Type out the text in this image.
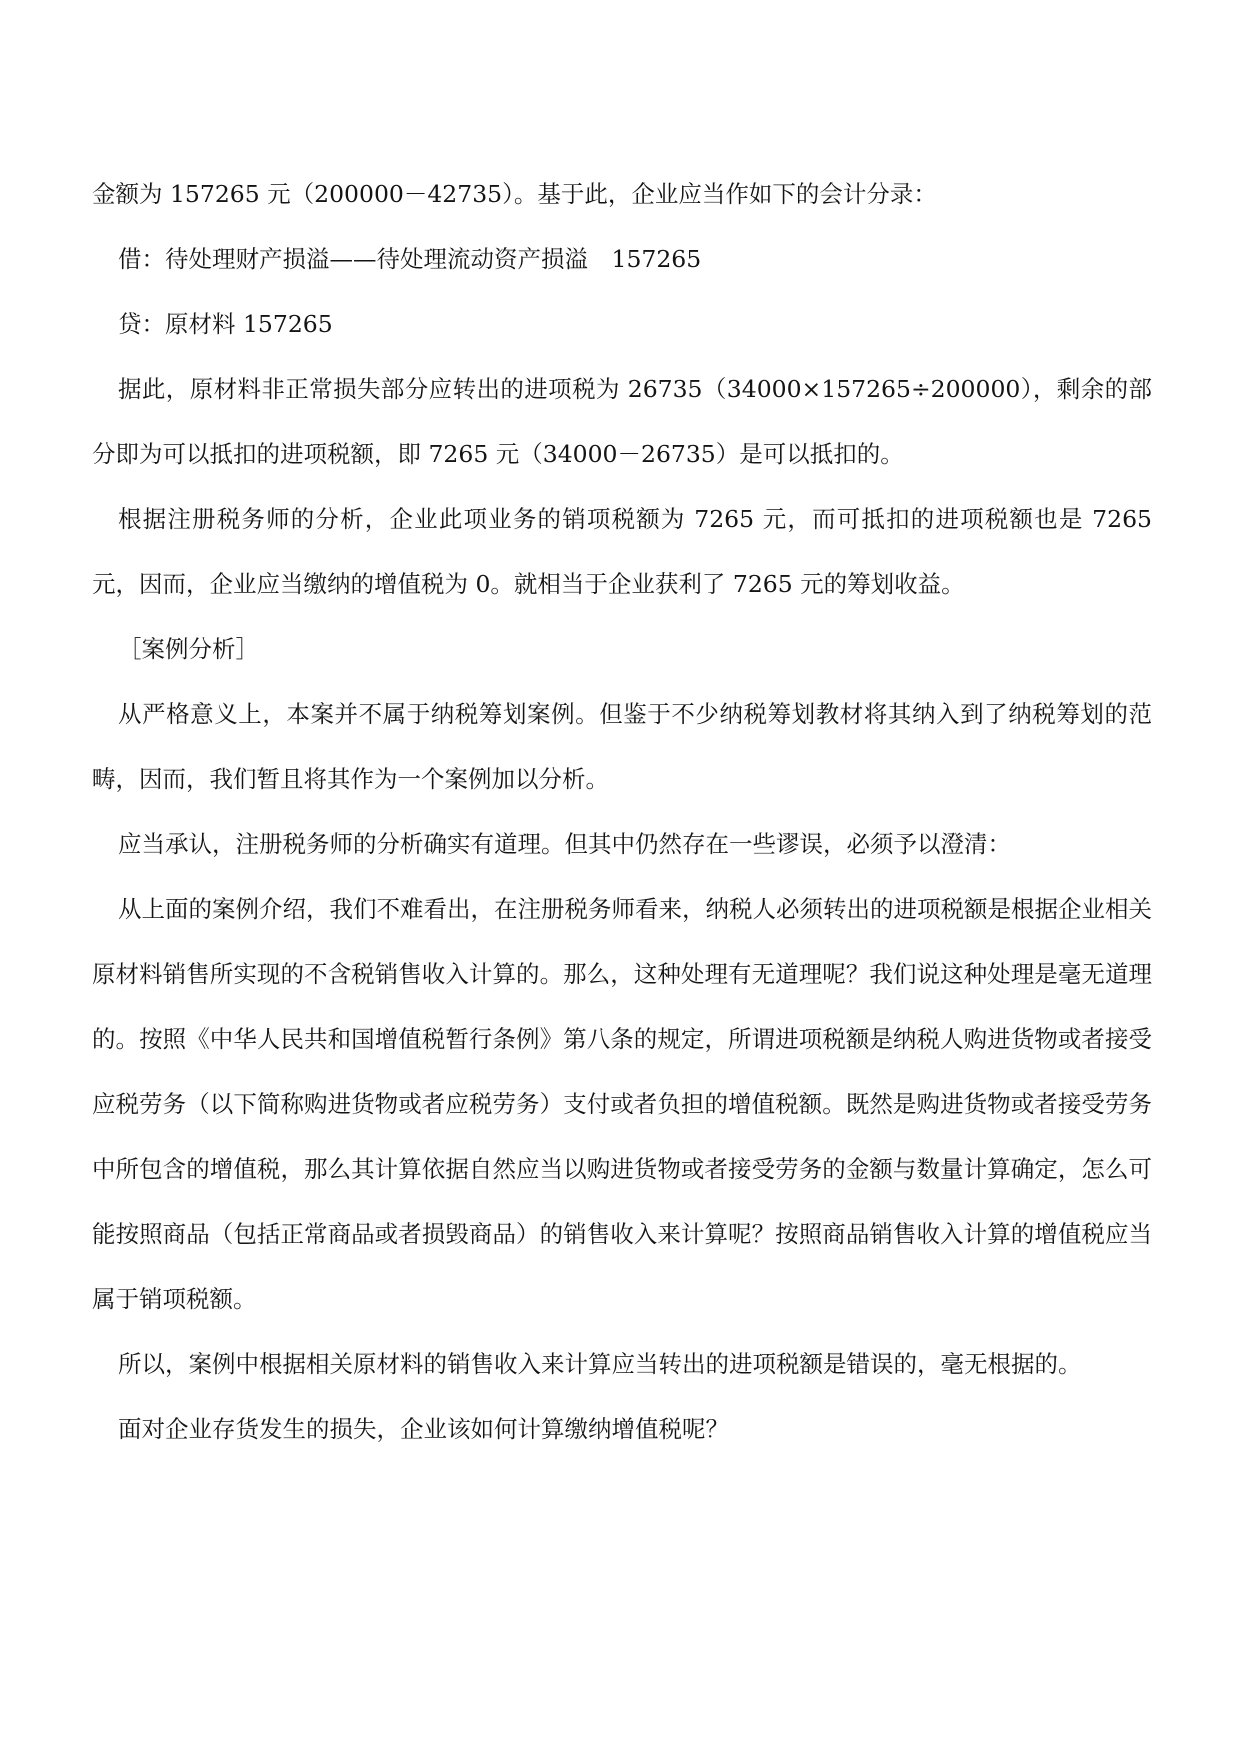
金额为 157265 元（200000－42735）。基于此，企业应当作如下的会计分录：

借：待处理财产损溢——待处理流动资产损溢　157265

贷：原材料 157265

据此，原材料非正常损失部分应转出的进项税为 26735（34000×157265÷200000），剩余的部分即为可以抵扣的进项税额，即 7265 元（34000－26735）是可以抵扣的。

根据注册税务师的分析，企业此项业务的销项税额为 7265 元，而可抵扣的进项税额也是 7265 元，因而，企业应当缴纳的增值税为 0。就相当于企业获利了 7265 元的筹划收益。

［案例分析］

从严格意义上，本案并不属于纳税筹划案例。但鉴于不少纳税筹划教材将其纳入到了纳税筹划的范畴，因而，我们暂且将其作为一个案例加以分析。

应当承认，注册税务师的分析确实有道理。但其中仍然存在一些谬误，必须予以澄清：

从上面的案例介绍，我们不难看出，在注册税务师看来，纳税人必须转出的进项税额是根据企业相关原材料销售所实现的不含税销售收入计算的。那么，这种处理有无道理呢？我们说这种处理是毫无道理的。按照《中华人民共和国增值税暂行条例》第八条的规定，所谓进项税额是纳税人购进货物或者接受应税劳务（以下简称购进货物或者应税劳务）支付或者负担的增值税额。既然是购进货物或者接受劳务中所包含的增值税，那么其计算依据自然应当以购进货物或者接受劳务的金额与数量计算确定，怎么可能按照商品（包括正常商品或者损毁商品）的销售收入来计算呢？按照商品销售收入计算的增值税应当属于销项税额。

所以，案例中根据相关原材料的销售收入来计算应当转出的进项税额是错误的，毫无根据的。

面对企业存货发生的损失，企业该如何计算缴纳增值税呢？
